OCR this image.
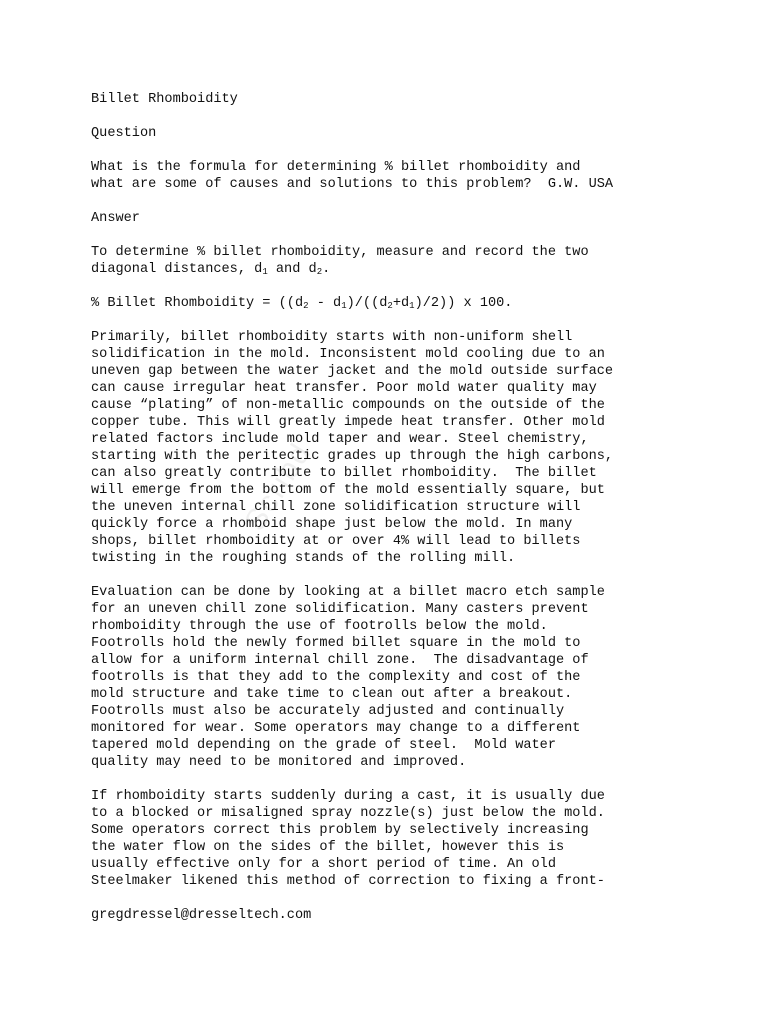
Scribd
Billet Rhomboidity
Question
What is the formula for determining % billet rhomboidity and
what are some of causes and solutions to this problem?  G.W. USA
Answer
To determine % billet rhomboidity, measure and record the two
diagonal distances, $d_1$ and $d_2$.
% Billet Rhomboidity = $((d_2 - d_1)/((d_2+d_1)/2))$ x 100.
Primarily, billet rhomboidity starts with non-uniform shell
solidification in the mold. Inconsistent mold cooling due to an
uneven gap between the water jacket and the mold outside surface
can cause irregular heat transfer. Poor mold water quality may
cause “plating” of non-metallic compounds on the outside of the
copper tube. This will greatly impede heat transfer. Other mold
related factors include mold taper and wear. Steel chemistry,
starting with the peritectic grades up through the high carbons,
can also greatly contribute to billet rhomboidity.  The billet
will emerge from the bottom of the mold essentially square, but
the uneven internal chill zone solidification structure will
quickly force a rhomboid shape just below the mold. In many
shops, billet rhomboidity at or over 4% will lead to billets
twisting in the roughing stands of the rolling mill.
Evaluation can be done by looking at a billet macro etch sample
for an uneven chill zone solidification. Many casters prevent
rhomboidity through the use of footrolls below the mold.
Footrolls hold the newly formed billet square in the mold to
allow for a uniform internal chill zone.  The disadvantage of
footrolls is that they add to the complexity and cost of the
mold structure and take time to clean out after a breakout.
Footrolls must also be accurately adjusted and continually
monitored for wear. Some operators may change to a different
tapered mold depending on the grade of steel.  Mold water
quality may need to be monitored and improved.
If rhomboidity starts suddenly during a cast, it is usually due
to a blocked or misaligned spray nozzle(s) just below the mold.
Some operators correct this problem by selectively increasing
the water flow on the sides of the billet, however this is
usually effective only for a short period of time. An old
Steelmaker likened this method of correction to fixing a front-
gregdressel@dresseltech.com
